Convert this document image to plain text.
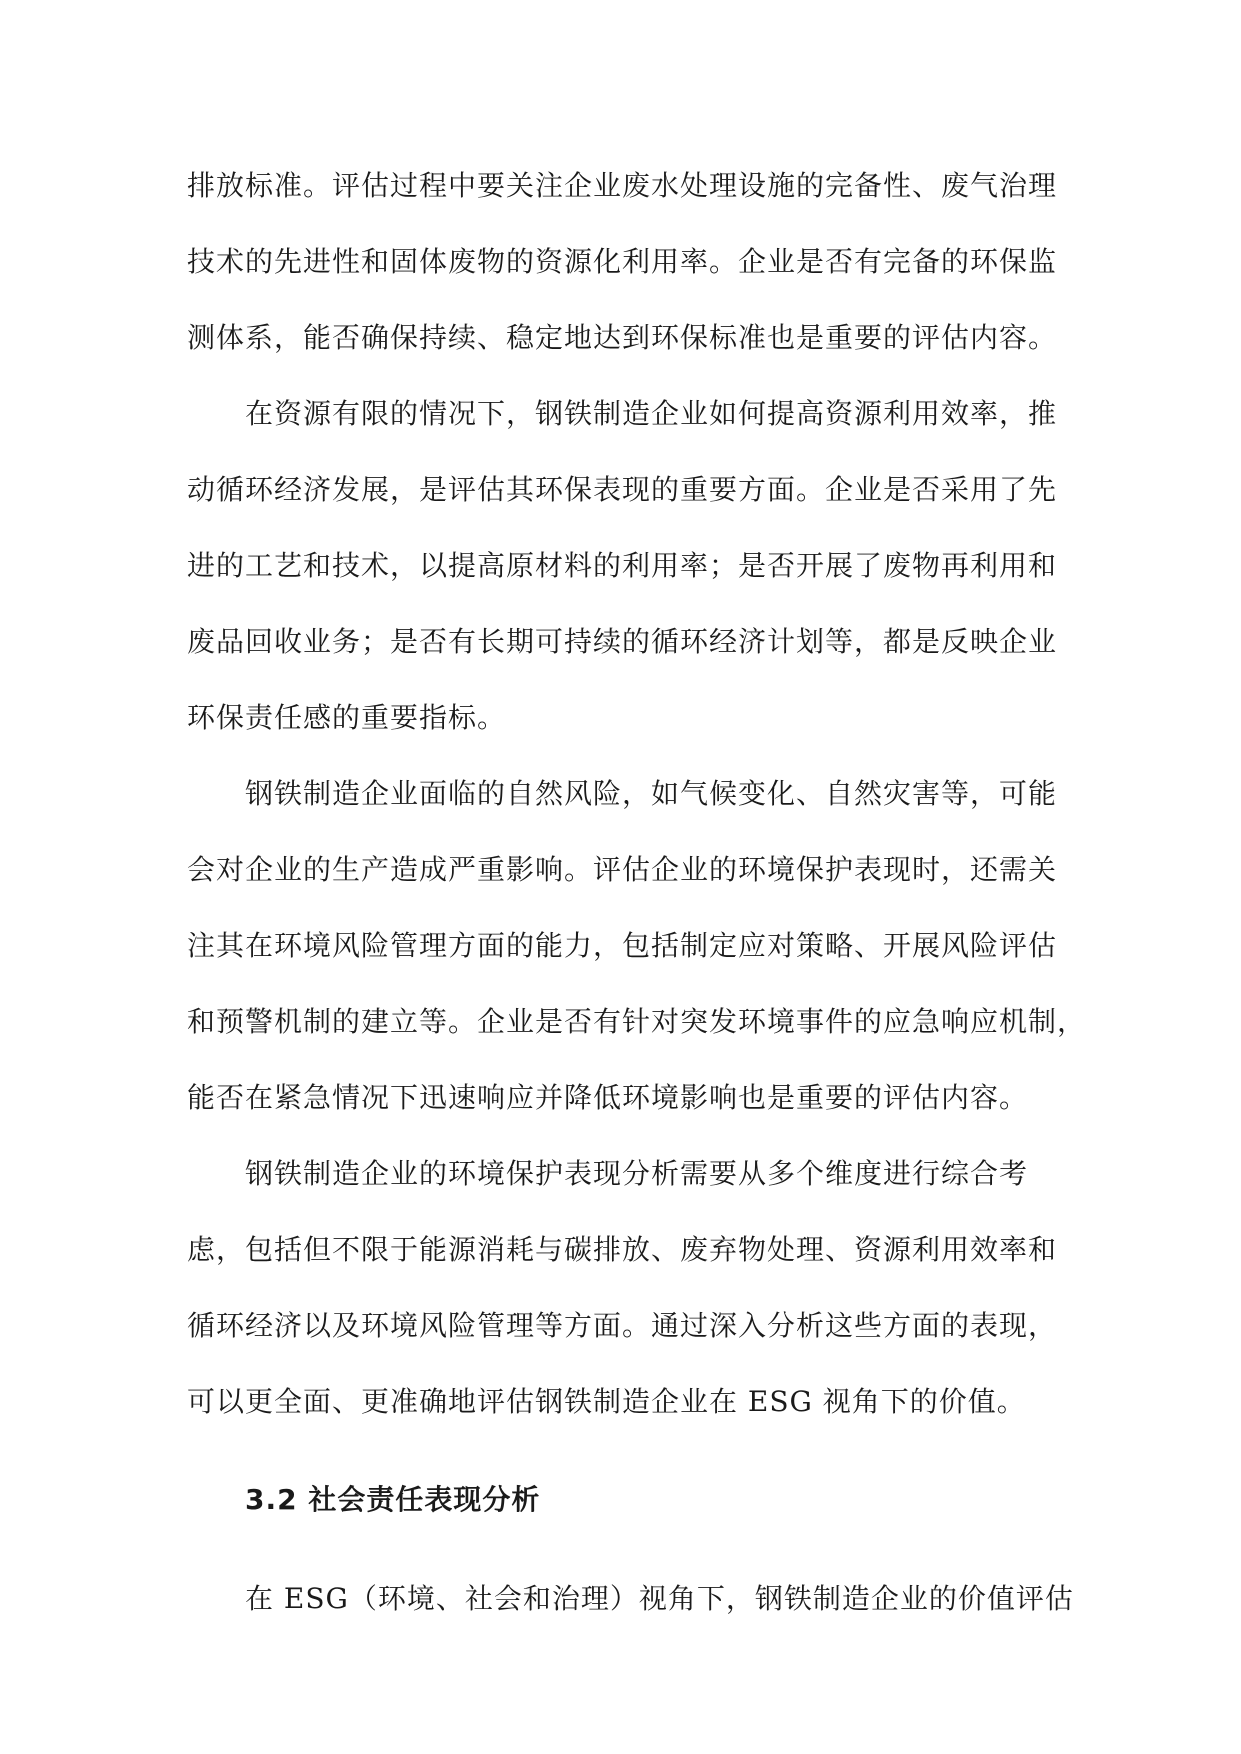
排放标准。评估过程中要关注企业废水处理设施的完备性、废气治理

技术的先进性和固体废物的资源化利用率。企业是否有完备的环保监

测体系，能否确保持续、稳定地达到环保标准也是重要的评估内容。

在资源有限的情况下，钢铁制造企业如何提高资源利用效率，推

动循环经济发展，是评估其环保表现的重要方面。企业是否采用了先

进的工艺和技术，以提高原材料的利用率；是否开展了废物再利用和

废品回收业务；是否有长期可持续的循环经济计划等，都是反映企业

环保责任感的重要指标。

钢铁制造企业面临的自然风险，如气候变化、自然灾害等，可能

会对企业的生产造成严重影响。评估企业的环境保护表现时，还需关

注其在环境风险管理方面的能力，包括制定应对策略、开展风险评估

和预警机制的建立等。企业是否有针对突发环境事件的应急响应机制，

能否在紧急情况下迅速响应并降低环境影响也是重要的评估内容。

钢铁制造企业的环境保护表现分析需要从多个维度进行综合考

虑，包括但不限于能源消耗与碳排放、废弃物处理、资源利用效率和

循环经济以及环境风险管理等方面。通过深入分析这些方面的表现，

可以更全面、更准确地评估钢铁制造企业在 ESG 视角下的价值。

3.2 社会责任表现分析

在 ESG（环境、社会和治理）视角下，钢铁制造企业的价值评估
